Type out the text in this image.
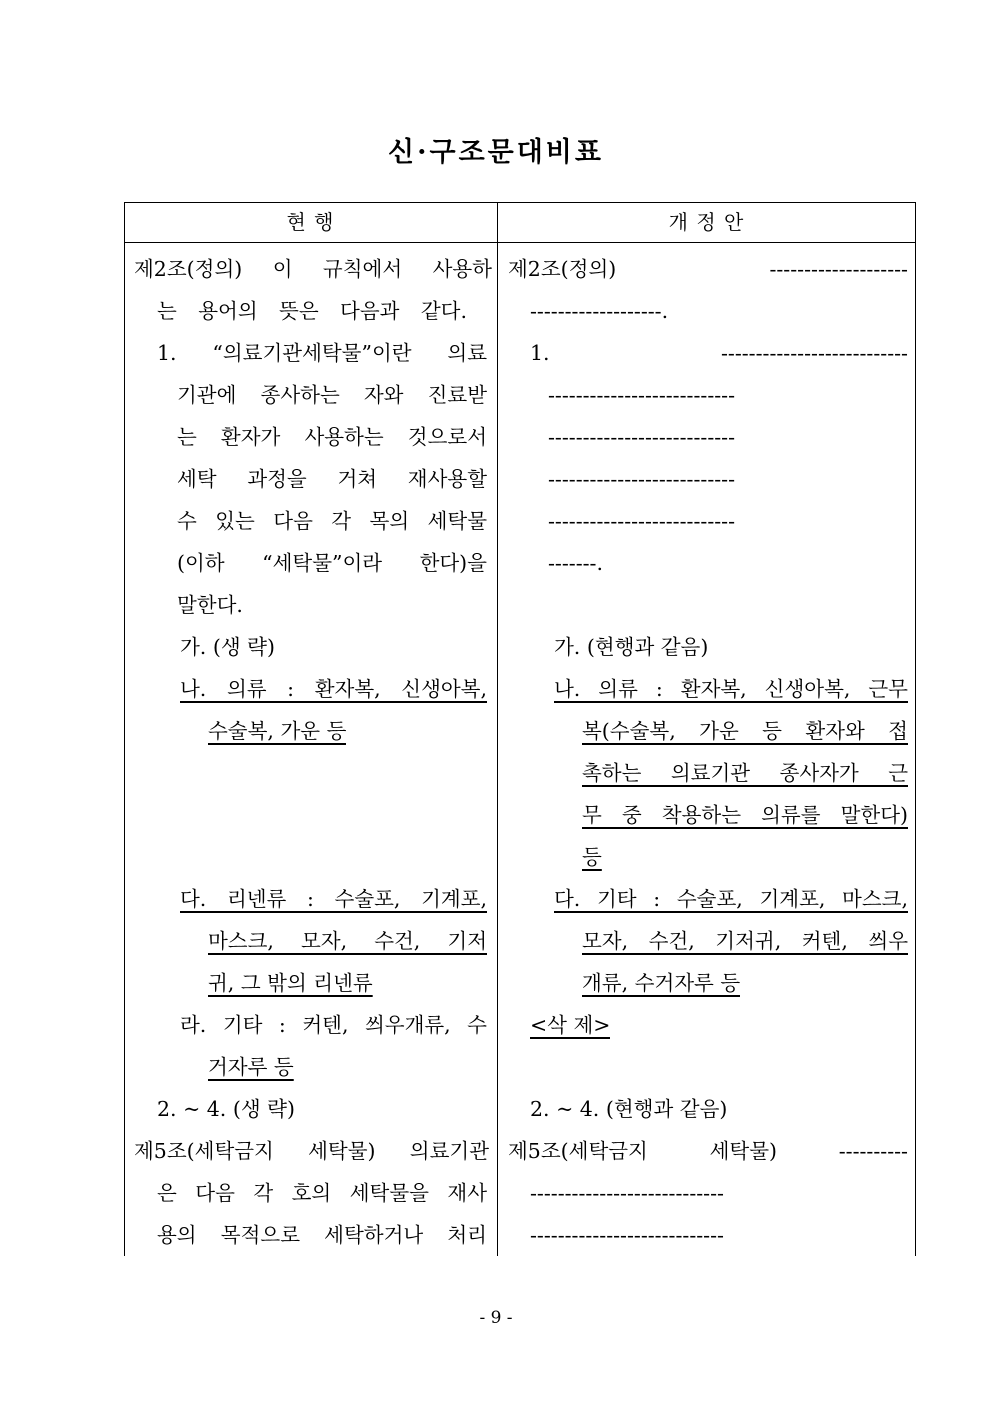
신·구조문대비표
현 행	개 정 안
제2조(정의) 이 규칙에서 사용하
는 용어의 뜻은 다음과 같다.
1. “의료기관세탁물”이란 의료
기관에 종사하는 자와 진료받
는 환자가 사용하는 것으로서
세탁 과정을 거쳐 재사용할
수 있는 다음 각 목의 세탁물
(이하 “세탁물”이라 한다)을
말한다.
가. (생 략)
나. 의류 : 환자복, 신생아복,
수술복, 가운 등
다. 리넨류 : 수술포, 기계포,
마스크, 모자, 수건, 기저
귀, 그 밖의 리넨류
라. 기타 : 커텐, 씌우개류, 수
거자루 등
2. ~ 4. (생 략)
제5조(세탁금지 세탁물) 의료기관
은 다음 각 호의 세탁물을 재사
용의 목적으로 세탁하거나 처리
제2조(정의) --------------------
-------------------.
1. ---------------------------
---------------------------
---------------------------
---------------------------
---------------------------
-------.
가. (현행과 같음)
나. 의류 : 환자복, 신생아복, 근무
복(수술복, 가운 등 환자와 접
촉하는 의료기관 종사자가 근
무 중 착용하는 의류를 말한다)
등
다. 기타 : 수술포, 기계포, 마스크,
모자, 수건, 기저귀, 커텐, 씌우
개류, 수거자루 등
<삭 제>
2. ~ 4. (현행과 같음)
제5조(세탁금지 세탁물) ----------
----------------------------
----------------------------
- 9 -
